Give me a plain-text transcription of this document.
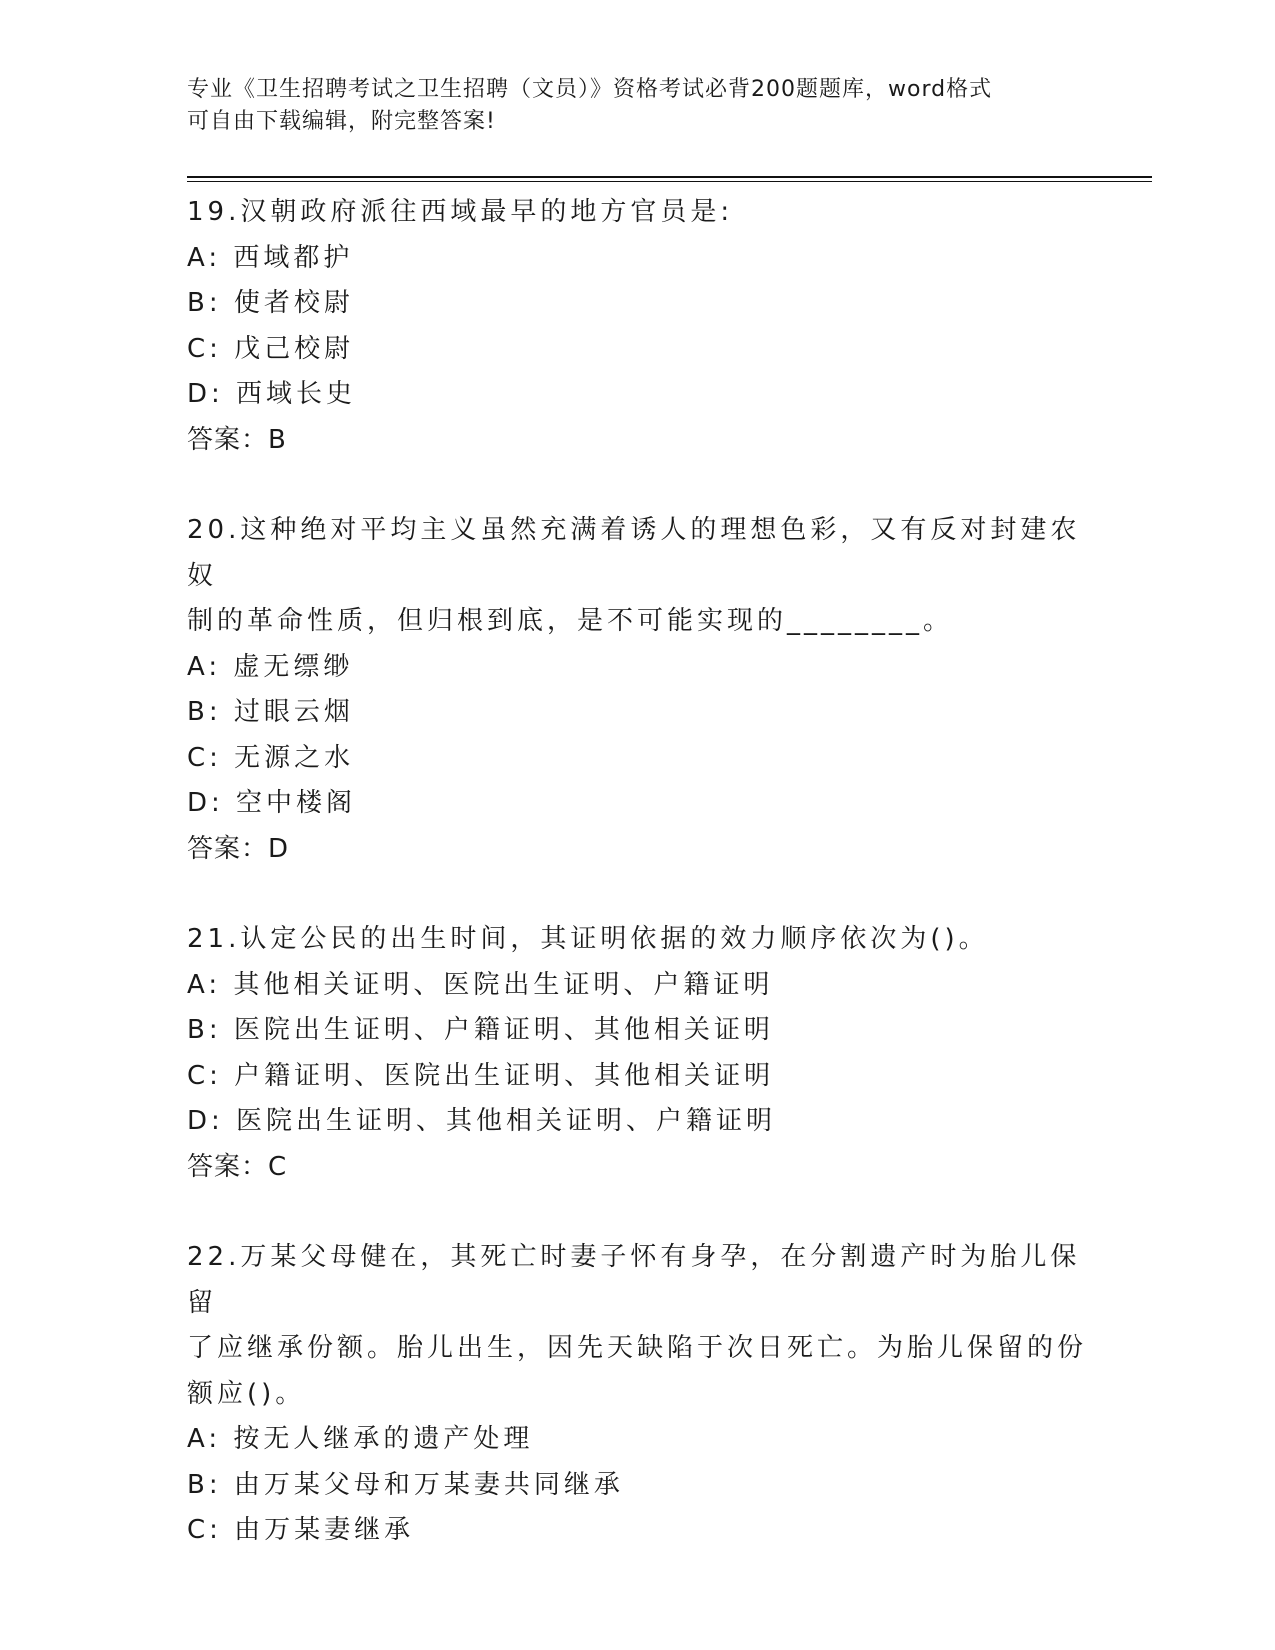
专业《卫生招聘考试之卫生招聘（文员）》资格考试必背200题题库，word格式
可自由下载编辑，附完整答案!
19.汉朝政府派往西域最早的地方官员是:
A: 西域都护
B: 使者校尉
C: 戊己校尉
D: 西域长史
答案：B
20.这种绝对平均主义虽然充满着诱人的理想色彩，又有反对封建农奴
制的革命性质，但归根到底，是不可能实现的________。
A: 虚无缥缈
B: 过眼云烟
C: 无源之水
D: 空中楼阁
答案：D
21.认定公民的出生时间，其证明依据的效力顺序依次为()。
A: 其他相关证明、医院出生证明、户籍证明
B: 医院出生证明、户籍证明、其他相关证明
C: 户籍证明、医院出生证明、其他相关证明
D: 医院出生证明、其他相关证明、户籍证明
答案：C
22.万某父母健在，其死亡时妻子怀有身孕，在分割遗产时为胎儿保留
了应继承份额。胎儿出生，因先天缺陷于次日死亡。为胎儿保留的份
额应()。
A: 按无人继承的遗产处理
B: 由万某父母和万某妻共同继承
C: 由万某妻继承
